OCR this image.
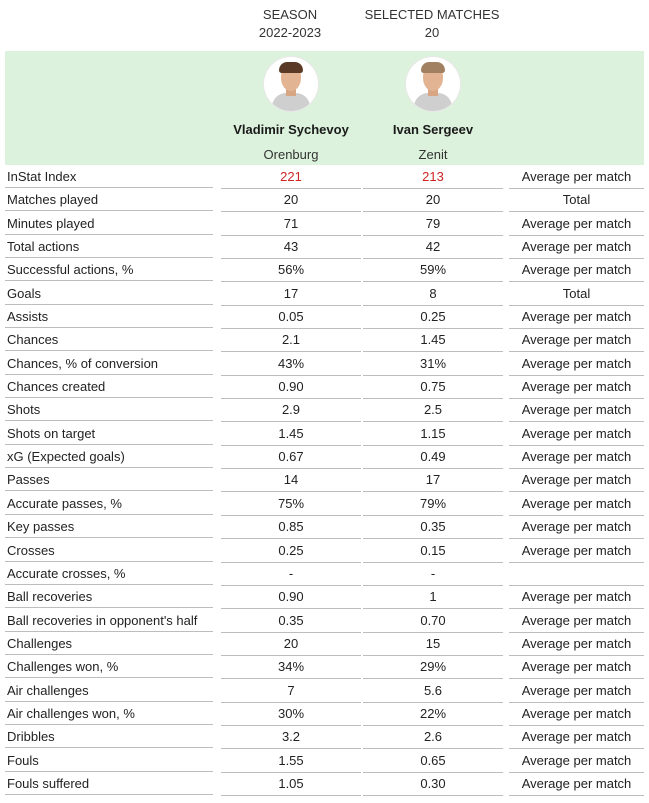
SEASON
2022-2023
SELECTED MATCHES
20
Vladimir Sychevoy
Orenburg
Ivan Sergeev
Zenit
InStat Index	221	213	Average per match
Matches played	20	20	Total
Minutes played	71	79	Average per match
Total actions	43	42	Average per match
Successful actions, %	56%	59%	Average per match
Goals	17	8	Total
Assists	0.05	0.25	Average per match
Chances	2.1	1.45	Average per match
Chances, % of conversion	43%	31%	Average per match
Chances created	0.90	0.75	Average per match
Shots	2.9	2.5	Average per match
Shots on target	1.45	1.15	Average per match
xG (Expected goals)	0.67	0.49	Average per match
Passes	14	17	Average per match
Accurate passes, %	75%	79%	Average per match
Key passes	0.85	0.35	Average per match
Crosses	0.25	0.15	Average per match
Accurate crosses, %	-	-
Ball recoveries	0.90	1	Average per match
Ball recoveries in opponent's half	0.35	0.70	Average per match
Challenges	20	15	Average per match
Challenges won, %	34%	29%	Average per match
Air challenges	7	5.6	Average per match
Air challenges won, %	30%	22%	Average per match
Dribbles	3.2	2.6	Average per match
Fouls	1.55	0.65	Average per match
Fouls suffered	1.05	0.30	Average per match
